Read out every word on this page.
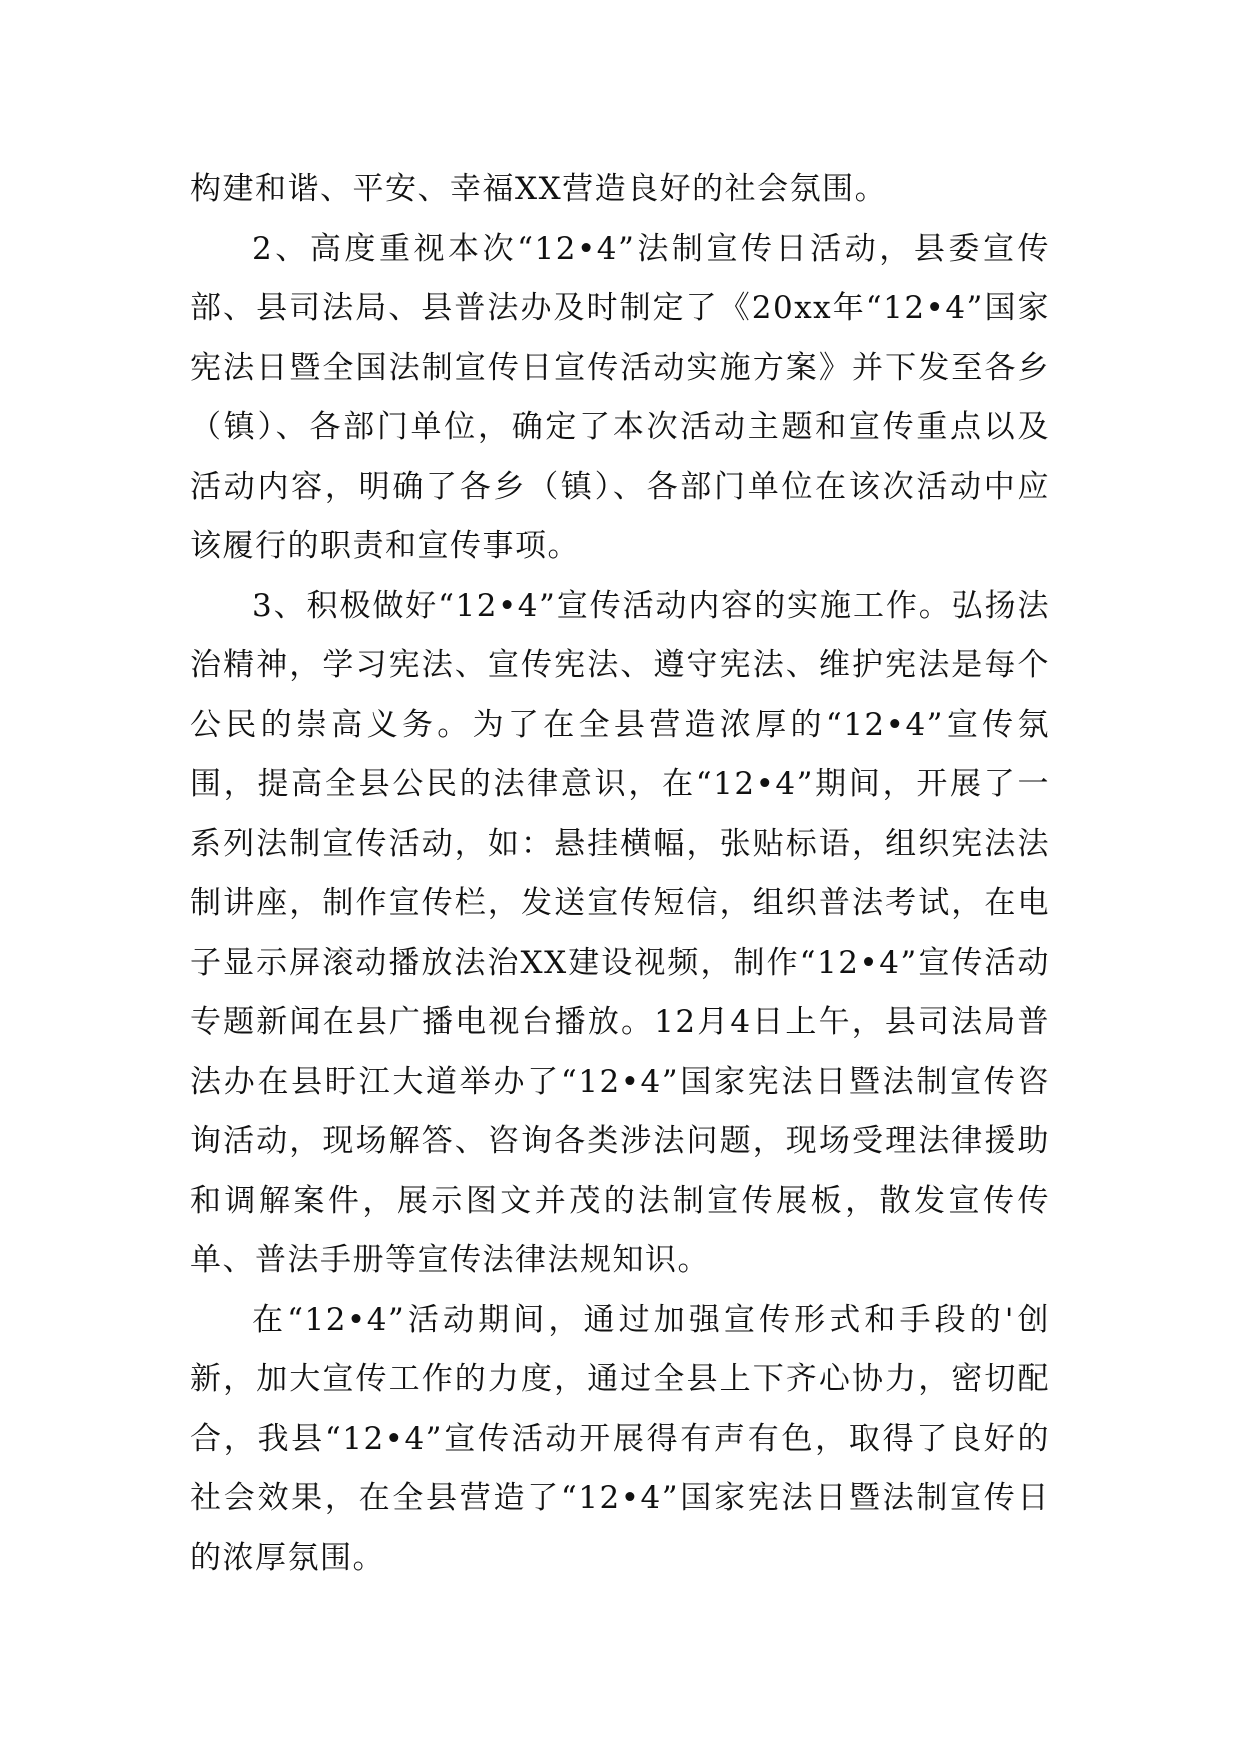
构建和谐、平安、幸福XX营造良好的社会氛围。

2、高度重视本次“12•4”法制宣传日活动，县委宣传部、县司法局、县普法办及时制定了《20xx年“12•4”国家宪法日暨全国法制宣传日宣传活动实施方案》并下发至各乡（镇）、各部门单位，确定了本次活动主题和宣传重点以及活动内容，明确了各乡（镇）、各部门单位在该次活动中应该履行的职责和宣传事项。

3、积极做好“12•4”宣传活动内容的实施工作。弘扬法治精神，学习宪法、宣传宪法、遵守宪法、维护宪法是每个公民的崇高义务。为了在全县营造浓厚的“12•4”宣传氛围，提高全县公民的法律意识，在“12•4”期间，开展了一系列法制宣传活动，如：悬挂横幅，张贴标语，组织宪法法制讲座，制作宣传栏，发送宣传短信，组织普法考试，在电子显示屏滚动播放法治XX建设视频，制作“12•4”宣传活动专题新闻在县广播电视台播放。12月4日上午，县司法局普法办在县盱江大道举办了“12•4”国家宪法日暨法制宣传咨询活动，现场解答、咨询各类涉法问题，现场受理法律援助和调解案件，展示图文并茂的法制宣传展板，散发宣传传单、普法手册等宣传法律法规知识。

在“12•4”活动期间，通过加强宣传形式和手段的'创新，加大宣传工作的力度，通过全县上下齐心协力，密切配合，我县“12•4”宣传活动开展得有声有色，取得了良好的社会效果，在全县营造了“12•4”国家宪法日暨法制宣传日的浓厚氛围。
